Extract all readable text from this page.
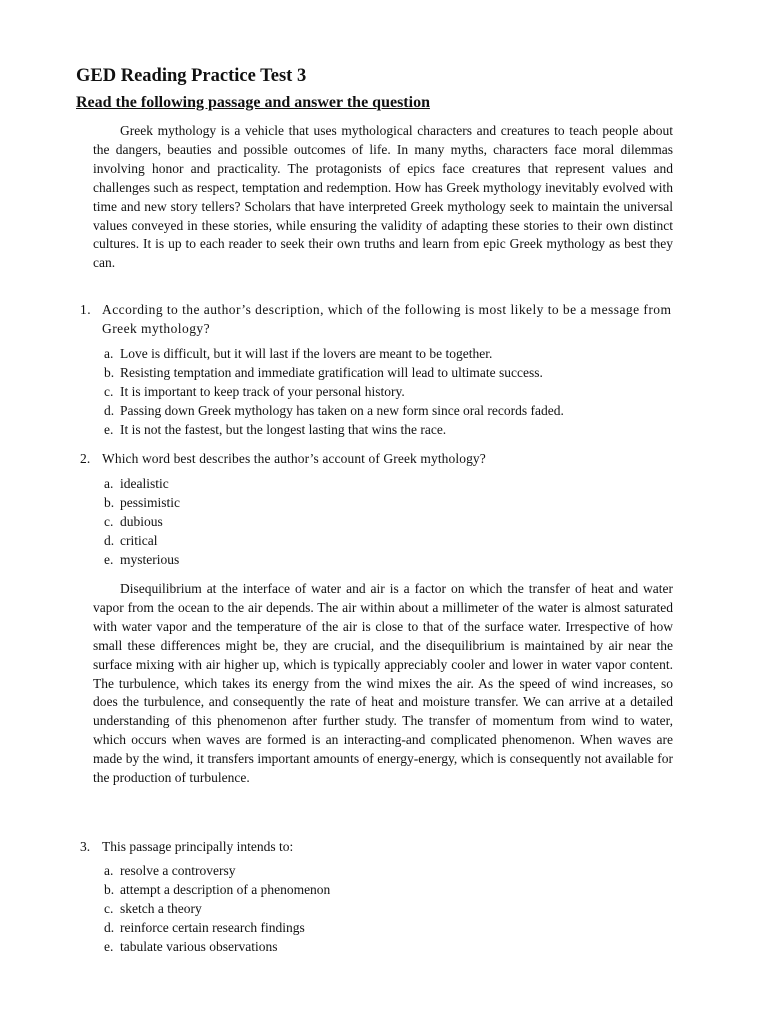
GED Reading Practice Test 3
Read the following passage and answer the question

Greek mythology is a vehicle that uses mythological characters and creatures to teach people about the dangers, beauties and possible outcomes of life. In many myths, characters face moral dilemmas involving honor and practicality. The protagonists of epics face creatures that represent values and challenges such as respect, temptation and redemption. How has Greek mythology inevitably evolved with time and new story tellers? Scholars that have interpreted Greek mythology seek to maintain the universal values conveyed in these stories, while ensuring the validity of adapting these stories to their own distinct cultures. It is up to each reader to seek their own truths and learn from epic Greek mythology as best they can.

1. According to the author’s description, which of the following is most likely to be a message from Greek mythology?
a. Love is difficult, but it will last if the lovers are meant to be together.
b. Resisting temptation and immediate gratification will lead to ultimate success.
c. It is important to keep track of your personal history.
d. Passing down Greek mythology has taken on a new form since oral records faded.
e. It is not the fastest, but the longest lasting that wins the race.
2. Which word best describes the author’s account of Greek mythology?
a. idealistic
b. pessimistic
c. dubious
d. critical
e. mysterious

Disequilibrium at the interface of water and air is a factor on which the transfer of heat and water vapor from the ocean to the air depends. The air within about a millimeter of the water is almost saturated with water vapor and the temperature of the air is close to that of the surface water. Irrespective of how small these differences might be, they are crucial, and the disequilibrium is maintained by air near the surface mixing with air higher up, which is typically appreciably cooler and lower in water vapor content. The turbulence, which takes its energy from the wind mixes the air. As the speed of wind increases, so does the turbulence, and consequently the rate of heat and moisture transfer. We can arrive at a detailed understanding of this phenomenon after further study. The transfer of momentum from wind to water, which occurs when waves are formed is an interacting-and complicated phenomenon. When waves are made by the wind, it transfers important amounts of energy-energy, which is consequently not available for the production of turbulence.

3. This passage principally intends to:
a. resolve a controversy
b. attempt a description of a phenomenon
c. sketch a theory
d. reinforce certain research findings
e. tabulate various observations
